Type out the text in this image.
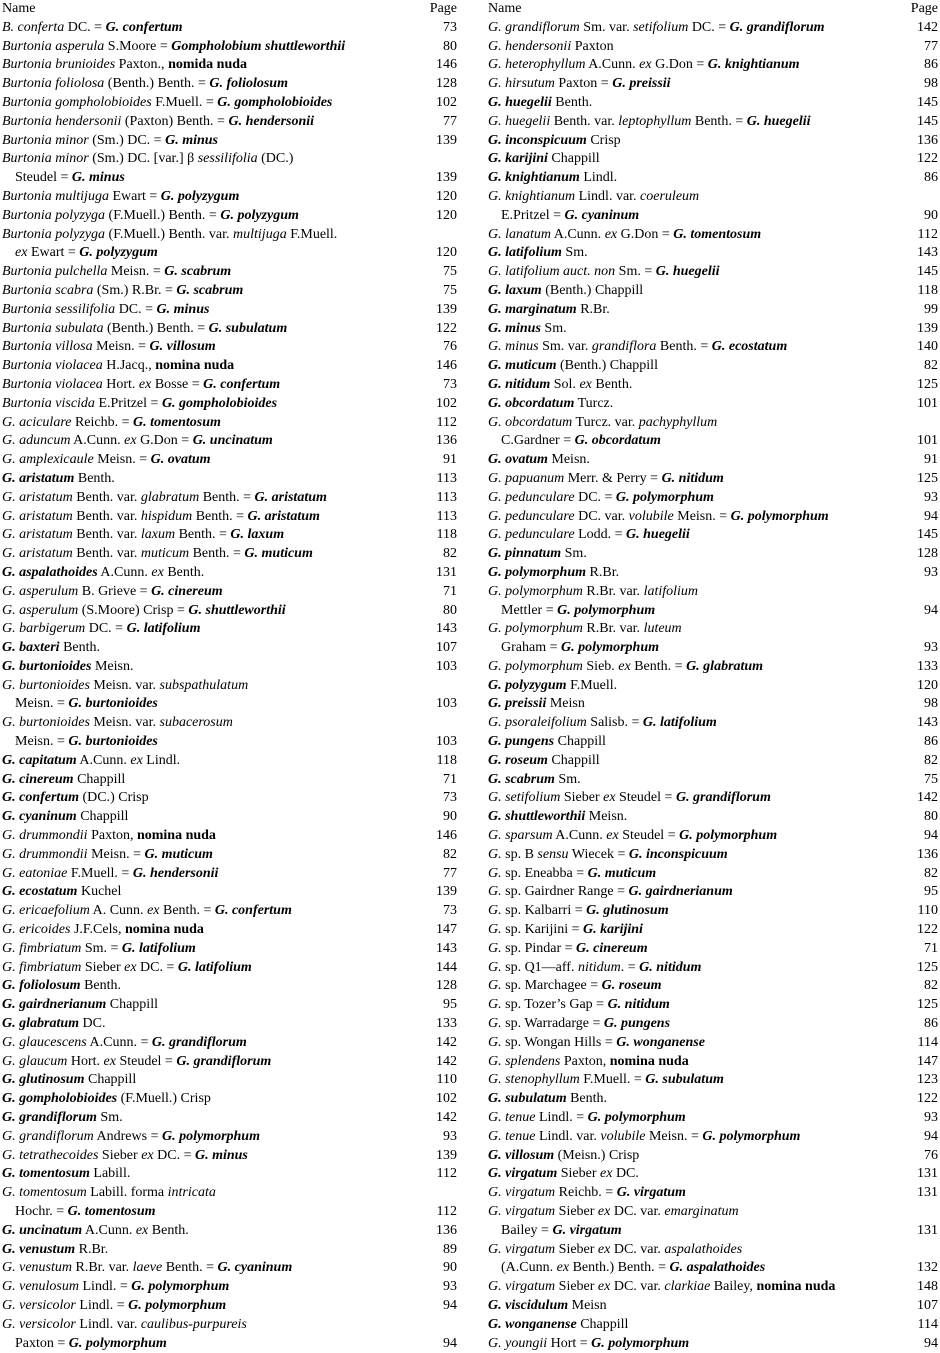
Name	Page
B. conferta DC. = G. confertum	73
Burtonia asperula S.Moore = Gompholobium shuttleworthii	80
Burtonia brunioides Paxton., nomida nuda	146
Burtonia foliolosa (Benth.) Benth. = G. foliolosum	128
Burtonia gompholobioides F.Muell. = G. gompholobioides	102
Burtonia hendersonii (Paxton) Benth. = G. hendersonii	77
Burtonia minor (Sm.) DC. = G. minus	139
Burtonia minor (Sm.) DC. [var.] β sessilifolia (DC.)
Steudel = G. minus	139
Burtonia multijuga Ewart = G. polyzygum	120
Burtonia polyzyga (F.Muell.) Benth. = G. polyzygum	120
Burtonia polyzyga (F.Muell.) Benth. var. multijuga F.Muell.
ex Ewart = G. polyzygum	120
Burtonia pulchella Meisn. = G. scabrum	75
Burtonia scabra (Sm.) R.Br. = G. scabrum	75
Burtonia sessilifolia DC. = G. minus	139
Burtonia subulata (Benth.) Benth. = G. subulatum	122
Burtonia villosa Meisn. = G. villosum	76
Burtonia violacea H.Jacq., nomina nuda	146
Burtonia violacea Hort. ex Bosse = G. confertum	73
Burtonia viscida E.Pritzel = G. gompholobioides	102
G. aciculare Reichb. = G. tomentosum	112
G. aduncum A.Cunn. ex G.Don = G. uncinatum	136
G. amplexicaule Meisn. = G. ovatum	91
G. aristatum Benth.	113
G. aristatum Benth. var. glabratum Benth. = G. aristatum	113
G. aristatum Benth. var. hispidum Benth. = G. aristatum	113
G. aristatum Benth. var. laxum Benth. = G. laxum	118
G. aristatum Benth. var. muticum Benth. = G. muticum	82
G. aspalathoides A.Cunn. ex Benth.	131
G. asperulum B. Grieve = G. cinereum	71
G. asperulum (S.Moore) Crisp = G. shuttleworthii	80
G. barbigerum DC. = G. latifolium	143
G. baxteri Benth.	107
G. burtonioides Meisn.	103
G. burtonioides Meisn. var. subspathulatum
Meisn. = G. burtonioides	103
G. burtonioides Meisn. var. subacerosum
Meisn. = G. burtonioides	103
G. capitatum A.Cunn. ex Lindl.	118
G. cinereum Chappill	71
G. confertum (DC.) Crisp	73
G. cyaninum Chappill	90
G. drummondii Paxton, nomina nuda	146
G. drummondii Meisn. = G. muticum	82
G. eatoniae F.Muell. = G. hendersonii	77
G. ecostatum Kuchel	139
G. ericaefolium A. Cunn. ex Benth. = G. confertum	73
G. ericoides J.F.Cels, nomina nuda	147
G. fimbriatum Sm. = G. latifolium	143
G. fimbriatum Sieber ex DC. = G. latifolium	144
G. foliolosum Benth.	128
G. gairdnerianum Chappill	95
G. glabratum DC.	133
G. glaucescens A.Cunn. = G. grandiflorum	142
G. glaucum Hort. ex Steudel = G. grandiflorum	142
G. glutinosum Chappill	110
G. gompholobioides (F.Muell.) Crisp	102
G. grandiflorum Sm.	142
G. grandiflorum Andrews = G. polymorphum	93
G. tetrathecoides Sieber ex DC. = G. minus	139
G. tomentosum Labill.	112
G. tomentosum Labill. forma intricata
Hochr. = G. tomentosum	112
G. uncinatum A.Cunn. ex Benth.	136
G. venustum R.Br.	89
G. venustum R.Br. var. laeve Benth. = G. cyaninum	90
G. venulosum Lindl. = G. polymorphum	93
G. versicolor Lindl. = G. polymorphum	94
G. versicolor Lindl. var. caulibus-purpureis
Paxton = G. polymorphum	94
Name	Page
G. grandiflorum Sm. var. setifolium DC. = G. grandiflorum	142
G. hendersonii Paxton	77
G. heterophyllum A.Cunn. ex G.Don = G. knightianum	86
G. hirsutum Paxton = G. preissii	98
G. huegelii Benth.	145
G. huegelii Benth. var. leptophyllum Benth. = G. huegelii	145
G. inconspicuum Crisp	136
G. karijini Chappill	122
G. knightianum Lindl.	86
G. knightianum Lindl. var. coeruleum
E.Pritzel = G. cyaninum	90
G. lanatum A.Cunn. ex G.Don = G. tomentosum	112
G. latifolium Sm.	143
G. latifolium auct. non Sm. = G. huegelii	145
G. laxum (Benth.) Chappill	118
G. marginatum R.Br.	99
G. minus Sm.	139
G. minus Sm. var. grandiflora Benth. = G. ecostatum	140
G. muticum (Benth.) Chappill	82
G. nitidum Sol. ex Benth.	125
G. obcordatum Turcz.	101
G. obcordatum Turcz. var. pachyphyllum
C.Gardner = G. obcordatum	101
G. ovatum Meisn.	91
G. papuanum Merr. & Perry = G. nitidum	125
G. pedunculare DC. = G. polymorphum	93
G. pedunculare DC. var. volubile Meisn. = G. polymorphum	94
G. pedunculare Lodd. = G. huegelii	145
G. pinnatum Sm.	128
G. polymorphum R.Br.	93
G. polymorphum R.Br. var. latifolium
Mettler = G. polymorphum	94
G. polymorphum R.Br. var. luteum
Graham = G. polymorphum	93
G. polymorphum Sieb. ex Benth. = G. glabratum	133
G. polyzygum F.Muell.	120
G. preissii Meisn	98
G. psoraleifolium Salisb. = G. latifolium	143
G. pungens Chappill	86
G. roseum Chappill	82
G. scabrum Sm.	75
G. setifolium Sieber ex Steudel = G. grandiflorum	142
G. shuttleworthii Meisn.	80
G. sparsum A.Cunn. ex Steudel = G. polymorphum	94
G. sp. B sensu Wiecek = G. inconspicuum	136
G. sp. Eneabba = G. muticum	82
G. sp. Gairdner Range = G. gairdnerianum	95
G. sp. Kalbarri = G. glutinosum	110
G. sp. Karijini = G. karijini	122
G. sp. Pindar = G. cinereum	71
G. sp. Q1—aff. nitidum. = G. nitidum	125
G. sp. Marchagee = G. roseum	82
G. sp. Tozer’s Gap = G. nitidum	125
G. sp. Warradarge = G. pungens	86
G. sp. Wongan Hills = G. wonganense	114
G. splendens Paxton, nomina nuda	147
G. stenophyllum F.Muell. = G. subulatum	123
G. subulatum Benth.	122
G. tenue Lindl. = G. polymorphum	93
G. tenue Lindl. var. volubile Meisn. = G. polymorphum	94
G. villosum (Meisn.) Crisp	76
G. virgatum Sieber ex DC.	131
G. virgatum Reichb. = G. virgatum	131
G. virgatum Sieber ex DC. var. emarginatum
Bailey = G. virgatum	131
G. virgatum Sieber ex DC. var. aspalathoides
(A.Cunn. ex Benth.) Benth. = G. aspalathoides	132
G. virgatum Sieber ex DC. var. clarkiae Bailey, nomina nuda	148
G. viscidulum Meisn	107
G. wonganense Chappill	114
G. youngii Hort = G. polymorphum	94
